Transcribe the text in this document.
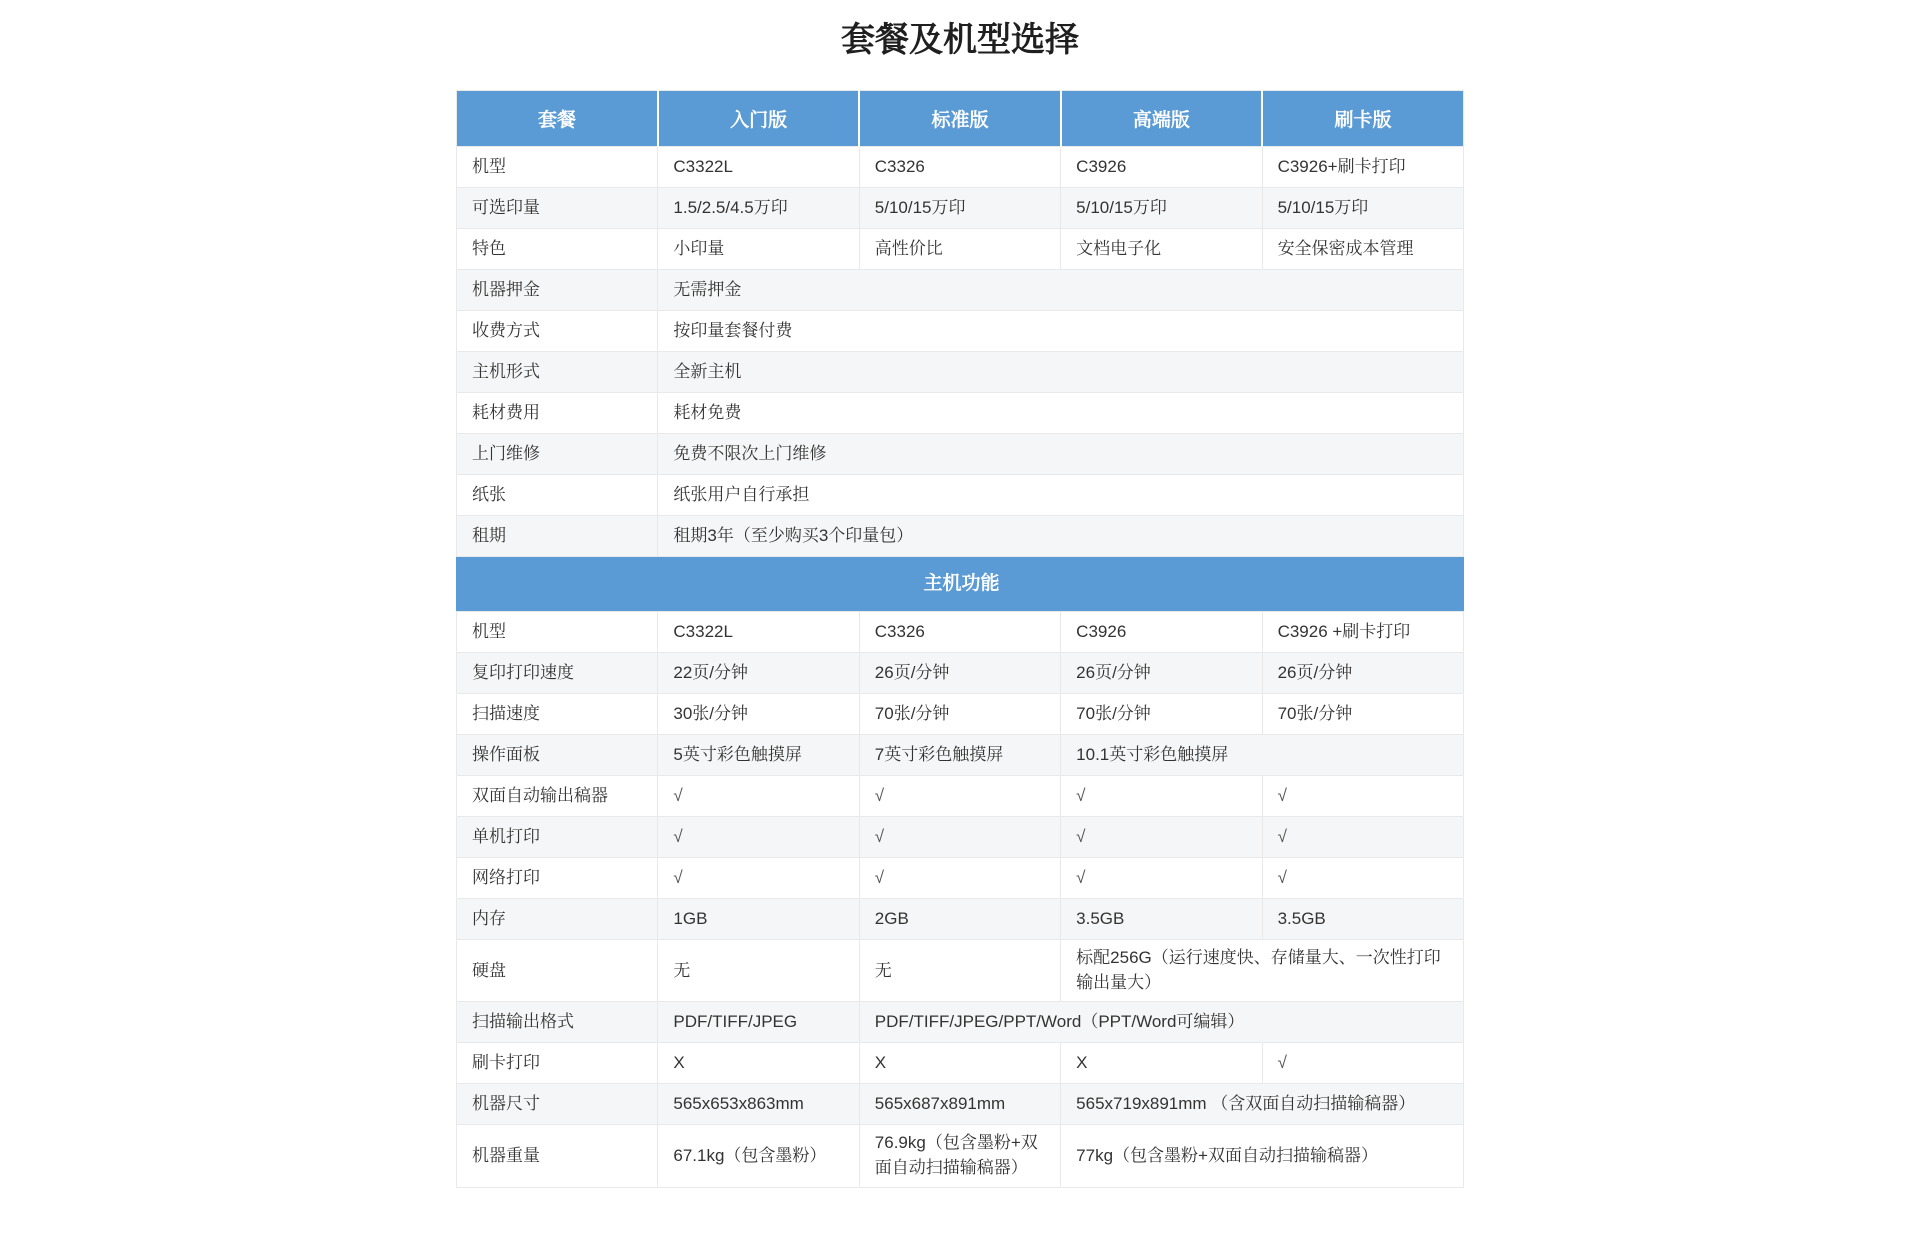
套餐及机型选择
套餐	入门版	标准版	高端版	刷卡版
机型	C3322L	C3326	C3926	C3926+刷卡打印
可选印量	1.5/2.5/4.5万印	5/10/15万印	5/10/15万印	5/10/15万印
特色	小印量	高性价比	文档电子化	安全保密成本管理
机器押金	无需押金			
收费方式	按印量套餐付费			
主机形式	全新主机			
耗材费用	耗材免费			
上门维修	免费不限次上门维修			
纸张	纸张用户自行承担			
租期	租期3年（至少购买3个印量包）			
主机功能				
机型	C3322L	C3326	C3926	C3926 +刷卡打印
复印打印速度	22页/分钟	26页/分钟	26页/分钟	26页/分钟
扫描速度	30张/分钟	70张/分钟	70张/分钟	70张/分钟
操作面板	5英寸彩色触摸屏	7英寸彩色触摸屏	10.1英寸彩色触摸屏	
双面自动输出稿器	√	√	√	√
单机打印	√	√	√	√
网络打印	√	√	√	√
内存	1GB	2GB	3.5GB	3.5GB
硬盘	无	无	标配256G（运行速度快、存储量大、一次性打印输出量大）	
扫描输出格式	PDF/TIFF/JPEG	PDF/TIFF/JPEG/PPT/Word（PPT/Word可编辑）		
刷卡打印	X	X	X	√
机器尺寸	565x653x863mm	565x687x891mm	565x719x891mm （含双面自动扫描输稿器）	
机器重量	67.1kg（包含墨粉）	76.9kg（包含墨粉+双面自动扫描输稿器）	77kg（包含墨粉+双面自动扫描输稿器）	
